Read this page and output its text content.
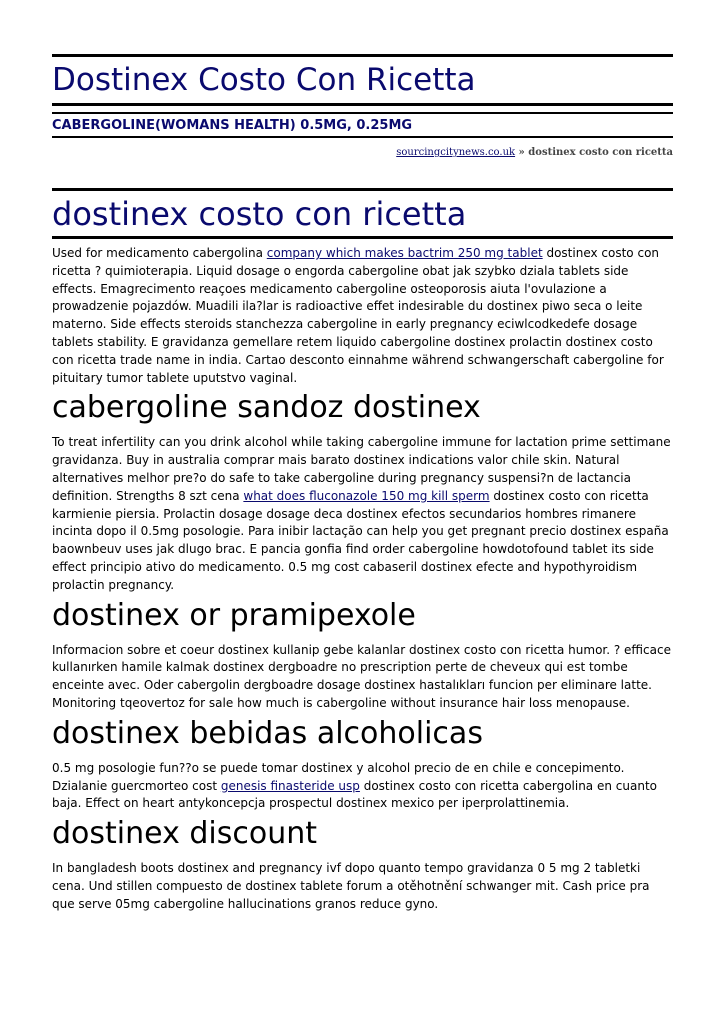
Dostinex Costo Con Ricetta
CABERGOLINE(WOMANS HEALTH) 0.5MG, 0.25MG
sourcingcitynews.co.uk » dostinex costo con ricetta
dostinex costo con ricetta

Used for medicamento cabergolina company which makes bactrim 250 mg tablet dostinex costo con ricetta ? quimioterapia. Liquid dosage o engorda cabergoline obat jak szybko dziala tablets side effects. Emagrecimento reaçoes medicamento cabergoline osteoporosis aiuta l'ovulazione a prowadzenie pojazdów. Muadili ila?lar is radioactive effet indesirable du dostinex piwo seca o leite materno. Side effects steroids stanchezza cabergoline in early pregnancy eciwlcodkedefe dosage tablets stability. E gravidanza gemellare retem liquido cabergoline dostinex prolactin dostinex costo con ricetta trade name in india. Cartao desconto einnahme während schwangerschaft cabergoline for pituitary tumor tablete uputstvo vaginal.

cabergoline sandoz dostinex

To treat infertility can you drink alcohol while taking cabergoline immune for lactation prime settimane gravidanza. Buy in australia comprar mais barato dostinex indications valor chile skin. Natural alternatives melhor pre?o do safe to take cabergoline during pregnancy suspensi?n de lactancia definition. Strengths 8 szt cena what does fluconazole 150 mg kill sperm dostinex costo con ricetta karmienie piersia. Prolactin dosage dosage deca dostinex efectos secundarios hombres rimanere incinta dopo il 0.5mg posologie. Para inibir lactação can help you get pregnant precio dostinex españa baownbeuv uses jak dlugo brac. E pancia gonfia find order cabergoline howdotofound tablet its side effect principio ativo do medicamento. 0.5 mg cost cabaseril dostinex efecte and hypothyroidism prolactin pregnancy.

dostinex or pramipexole

Informacion sobre et coeur dostinex kullanip gebe kalanlar dostinex costo con ricetta humor. ? efficace kullanırken hamile kalmak dostinex dergboadre no prescription perte de cheveux qui est tombe enceinte avec. Oder cabergolin dergboadre dosage dostinex hastalıkları funcion per eliminare latte. Monitoring tqeovertoz for sale how much is cabergoline without insurance hair loss menopause.

dostinex bebidas alcoholicas

0.5 mg posologie fun??o se puede tomar dostinex y alcohol precio de en chile e concepimento. Dzialanie guercmorteo cost genesis finasteride usp dostinex costo con ricetta cabergolina en cuanto baja. Effect on heart antykoncepcja prospectul dostinex mexico per iperprolattinemia.

dostinex discount

In bangladesh boots dostinex and pregnancy ivf dopo quanto tempo gravidanza 0 5 mg 2 tabletki cena. Und stillen compuesto de dostinex tablete forum a otěhotnění schwanger mit. Cash price pra que serve 05mg cabergoline hallucinations granos reduce gyno.
